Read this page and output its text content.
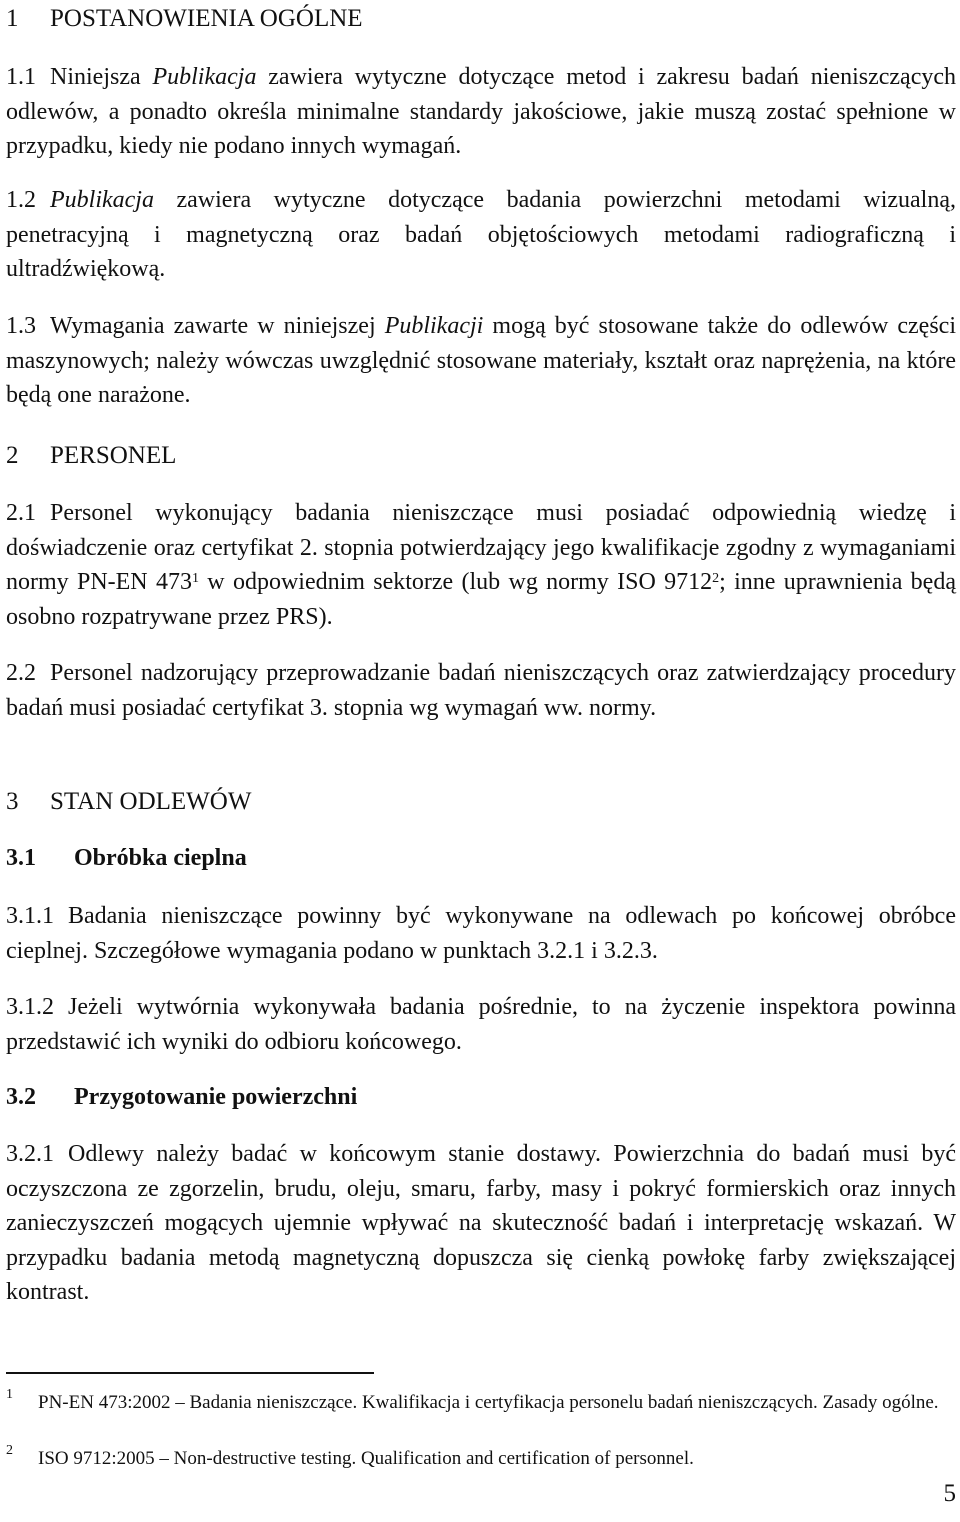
1 POSTANOWIENIA OGÓLNE
1.1 Niniejsza Publikacja zawiera wytyczne dotyczące metod i zakresu badań nieniszczących odlewów, a ponadto określa minimalne standardy jakościowe, jakie muszą zostać spełnione w przypadku, kiedy nie podano innych wymagań.
1.2 Publikacja zawiera wytyczne dotyczące badania powierzchni metodami wizualną, penetracyjną i magnetyczną oraz badań objętościowych metodami radiograficzną i ultradźwiękową.
1.3 Wymagania zawarte w niniejszej Publikacji mogą być stosowane także do odlewów części maszynowych; należy wówczas uwzględnić stosowane materiały, kształt oraz naprężenia, na które będą one narażone.
2 PERSONEL
2.1 Personel wykonujący badania nieniszczące musi posiadać odpowiednią wiedzę i doświadczenie oraz certyfikat 2. stopnia potwierdzający jego kwalifikacje zgodny z wymaganiami normy PN-EN $473^1$ w odpowiednim sektorze (lub wg normy ISO 9712$^2$; inne uprawnienia będą osobno rozpatrywane przez PRS).
2.2 Personel nadzorujący przeprowadzanie badań nieniszczących oraz zatwierdzający procedury badań musi posiadać certyfikat 3. stopnia wg wymagań ww. normy.
3 STAN ODLEWÓW
3.1 Obróbka cieplna
3.1.1 Badania nieniszczące powinny być wykonywane na odlewach po końcowej obróbce cieplnej. Szczegółowe wymagania podano w punktach 3.2.1 i 3.2.3.
3.1.2 Jeżeli wytwórnia wykonywała badania pośrednie, to na życzenie inspektora powinna przedstawić ich wyniki do odbioru końcowego.
3.2 Przygotowanie powierzchni
3.2.1 Odlewy należy badać w końcowym stanie dostawy. Powierzchnia do badań musi być oczyszczona ze zgorzelin, brudu, oleju, smaru, farby, masy i pokryć formierskich oraz innych zanieczyszczeń mogących ujemnie wpływać na skuteczność badań i interpretację wskazań. W przypadku badania metodą magnetyczną dopuszcza się cienką powłokę farby zwiększającej kontrast.
1 PN-EN 473:2002 – Badania nieniszczące. Kwalifikacja i certyfikacja personelu badań nieniszczących. Zasady ogólne.
2 ISO 9712:2005 – Non-destructive testing. Qualification and certification of personnel.
5
